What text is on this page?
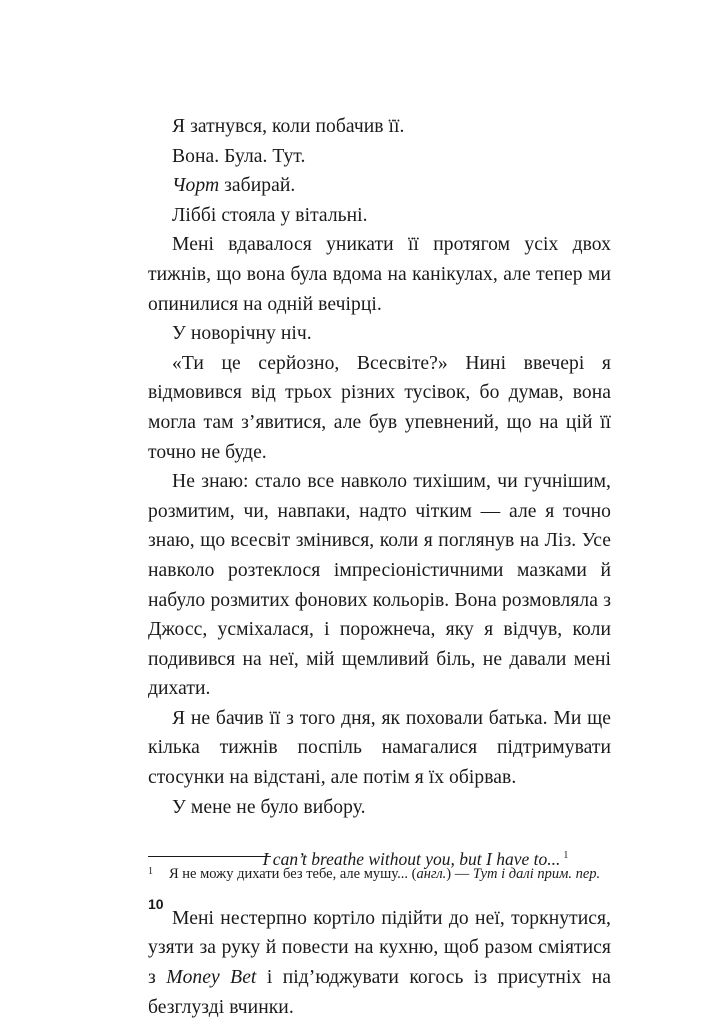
Я затнувся, коли побачив її.

Вона. Була. Тут.

Чорт забирай.

Ліббі стояла у вітальні.

Мені вдавалося уникати її протягом усіх двох тижнів, що вона була вдома на канікулах, але тепер ми опинилися на одній вечірці.

У новорічну ніч.

«Ти це серйозно, Всесвіте?» Нині ввечері я відмовився від трьох різних тусівок, бо думав, вона могла там з’явитися, але був упевнений, що на цій її точно не буде.

Не знаю: стало все навколо тихішим, чи гучнішим, розмитим, чи, навпаки, надто чітким — але я точно знаю, що всесвіт змінився, коли я поглянув на Ліз. Усе навколо розтеклося імпресіоністичними мазками й набуло розмитих фонових кольорів. Вона розмовляла з Джосс, усміхалася, і порожнеча, яку я відчув, коли подивився на неї, мій щемливий біль, не давали мені дихати.

Я не бачив її з того дня, як поховали батька. Ми ще кілька тижнів поспіль намагалися підтримувати стосунки на відстані, але потім я їх обірвав.

У мене не було вибору.

I can’t breathe without you, but I have to... $^1$

Мені нестерпно кортіло підійти до неї, торкнутися, узяти за руку й повести на кухню, щоб разом сміятися з Money Bet і під’юджувати когось із присутніх на безглузді вчинки.

1 Я не можу дихати без тебе, але мушу... (англ.) — Тут і далі прим. пер.
10
